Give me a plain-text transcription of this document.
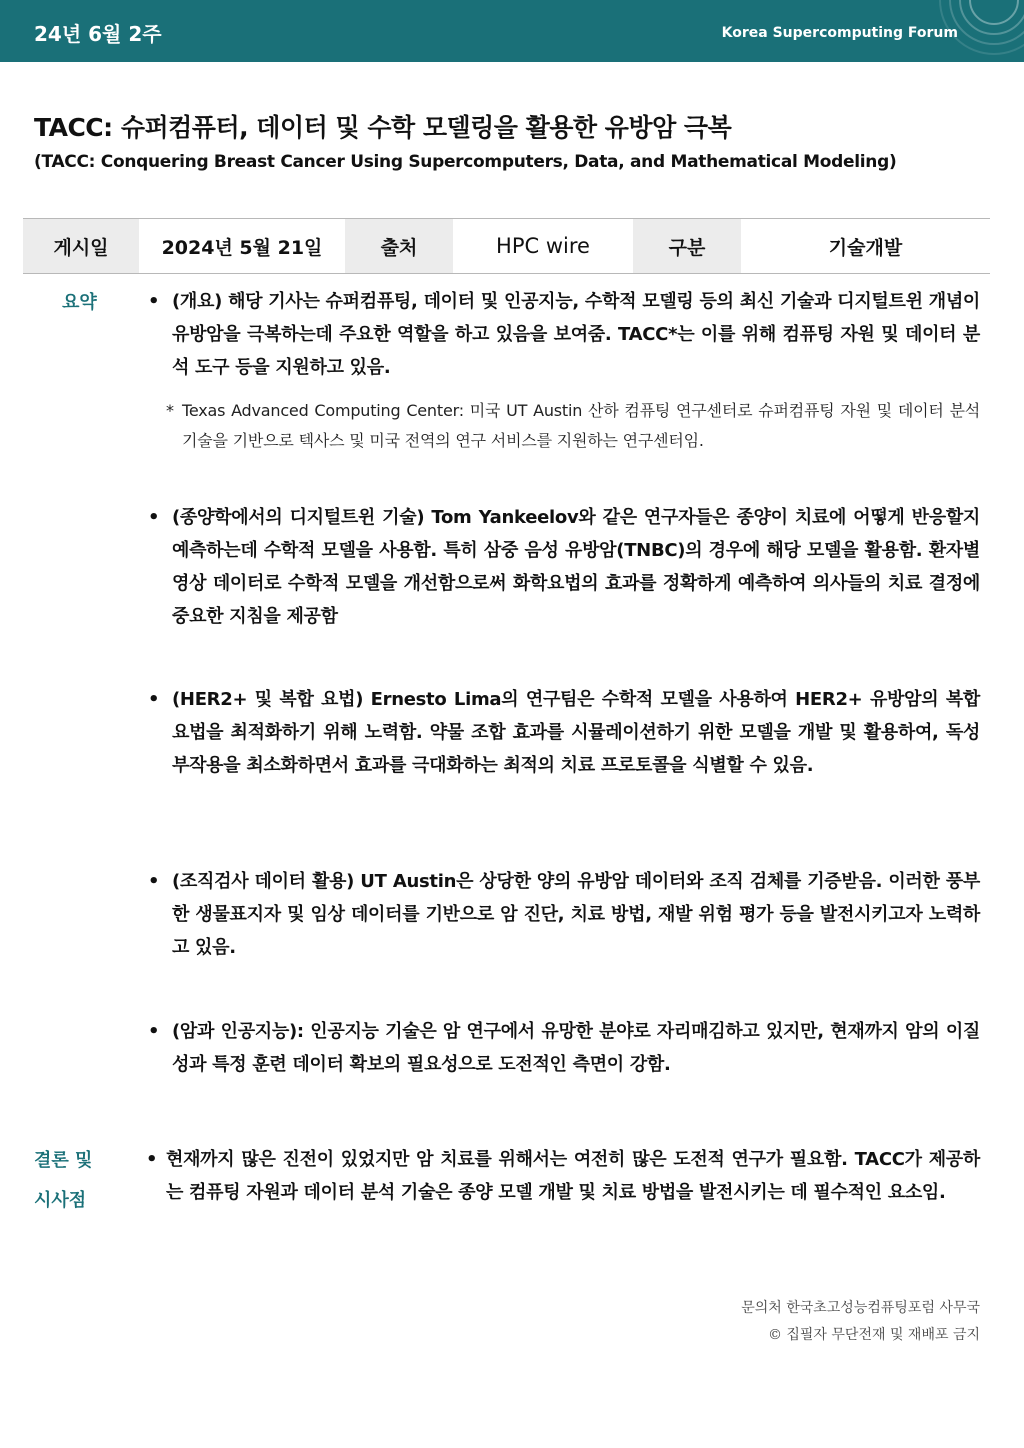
24년 6월 2주	Korea Supercomputing Forum
TACC: 슈퍼컴퓨터, 데이터 및 수학 모델링을 활용한 유방암 극복
(TACC: Conquering Breast Cancer Using Supercomputers, Data, and Mathematical Modeling)
게시일	2024년 5월 21일	출처	HPC wire	구분	기술개발
요약	• (개요) 해당 기사는 슈퍼컴퓨팅, 데이터 및 인공지능, 수학적 모델링 등의 최신 기술과 디지털트윈 개념이 유방암을 극복하는데 주요한 역할을 하고 있음을 보여줌. TACC*는 이를 위해 컴퓨팅 자원 및 데이터 분석 도구 등을 지원하고 있음.
* Texas Advanced Computing Center: 미국 UT Austin 산하 컴퓨팅 연구센터로 슈퍼컴퓨팅 자원 및 데이터 분석 기술을 기반으로 텍사스 및 미국 전역의 연구 서비스를 지원하는 연구센터임.
• (종양학에서의 디지털트윈 기술) Tom Yankeelov와 같은 연구자들은 종양이 치료에 어떻게 반응할지 예측하는데 수학적 모델을 사용함. 특히 삼중 음성 유방암(TNBC)의 경우에 해당 모델을 활용함. 환자별 영상 데이터로 수학적 모델을 개선함으로써 화학요법의 효과를 정확하게 예측하여 의사들의 치료 결정에 중요한 지침을 제공함
• (HER2+ 및 복합 요법) Ernesto Lima의 연구팀은 수학적 모델을 사용하여 HER2+ 유방암의 복합 요법을 최적화하기 위해 노력함. 약물 조합 효과를 시뮬레이션하기 위한 모델을 개발 및 활용하여, 독성 부작용을 최소화하면서 효과를 극대화하는 최적의 치료 프로토콜을 식별할 수 있음.
• (조직검사 데이터 활용) UT Austin은 상당한 양의 유방암 데이터와 조직 검체를 기증받음. 이러한 풍부한 생물표지자 및 임상 데이터를 기반으로 암 진단, 치료 방법, 재발 위험 평가 등을 발전시키고자 노력하고 있음.
• (암과 인공지능): 인공지능 기술은 암 연구에서 유망한 분야로 자리매김하고 있지만, 현재까지 암의 이질성과 특정 훈련 데이터 확보의 필요성으로 도전적인 측면이 강함.
결론 및
시사점
• 현재까지 많은 진전이 있었지만 암 치료를 위해서는 여전히 많은 도전적 연구가 필요함. TACC가 제공하는 컴퓨팅 자원과 데이터 분석 기술은 종양 모델 개발 및 치료 방법을 발전시키는 데 필수적인 요소임.
문의처 한국초고성능컴퓨팅포럼 사무국
© 집필자 무단전재 및 재배포 금지
